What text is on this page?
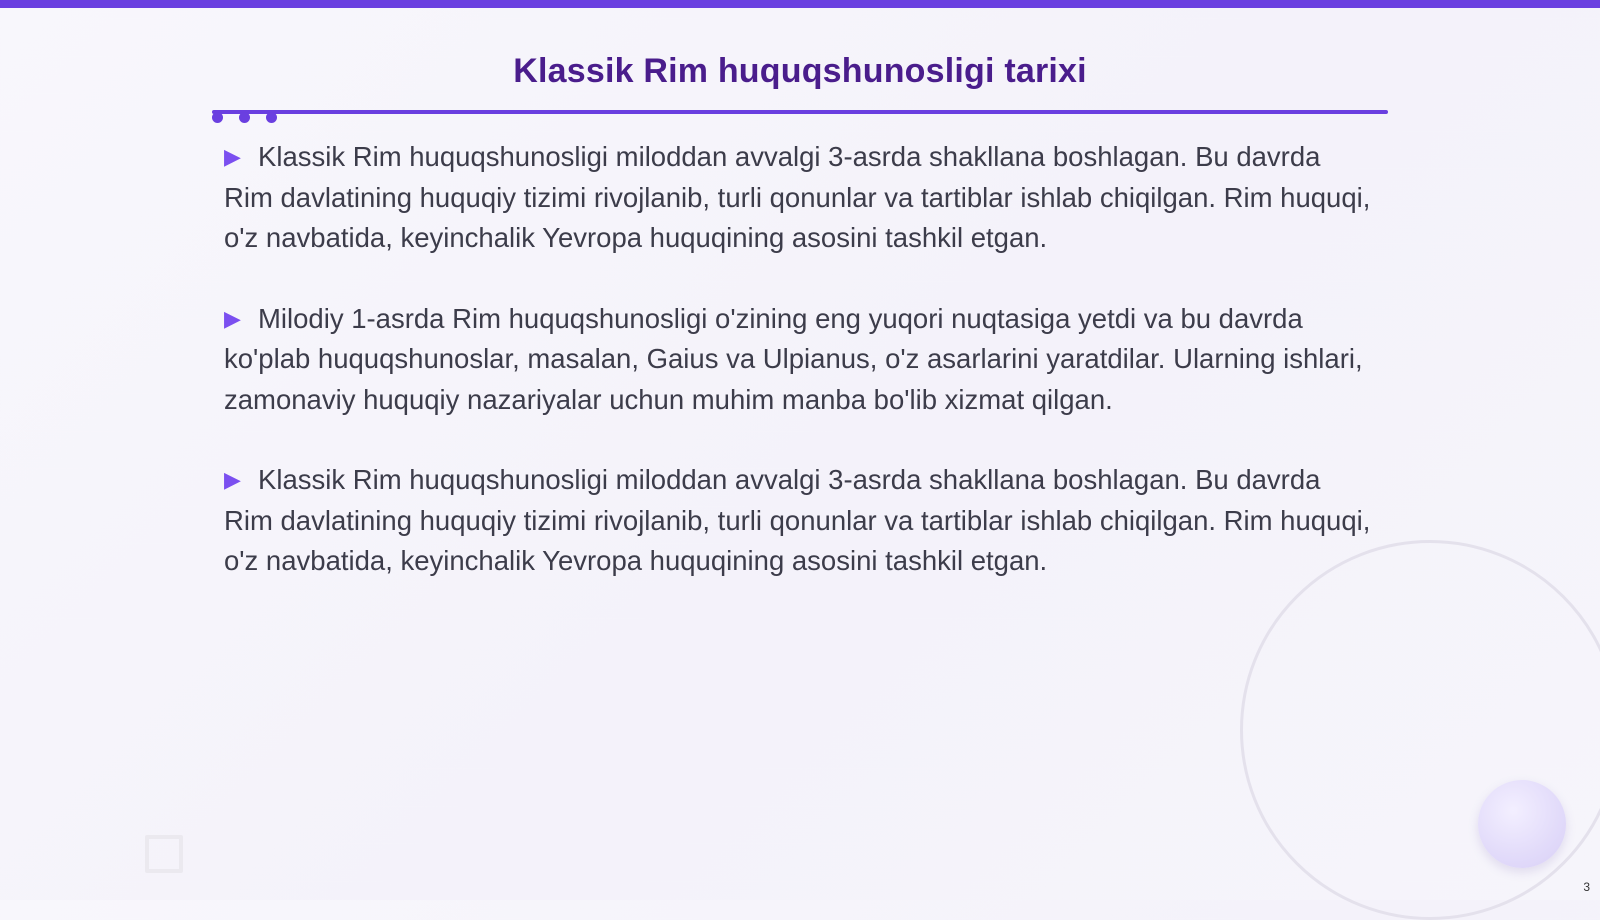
Klassik Rim huquqshunosligi tarixi

▶ Klassik Rim huquqshunosligi miloddan avvalgi 3-asrda shakllana boshlagan. Bu davrda Rim davlatining huquqiy tizimi rivojlanib, turli qonunlar va tartiblar ishlab chiqilgan. Rim huquqi, o'z navbatida, keyinchalik Yevropa huquqining asosini tashkil etgan.

▶ Milodiy 1-asrda Rim huquqshunosligi o'zining eng yuqori nuqtasiga yetdi va bu davrda ko'plab huquqshunoslar, masalan, Gaius va Ulpianus, o'z asarlarini yaratdilar. Ularning ishlari, zamonaviy huquqiy nazariyalar uchun muhim manba bo'lib xizmat qilgan.

▶ Klassik Rim huquqshunosligi miloddan avvalgi 3-asrda shakllana boshlagan. Bu davrda Rim davlatining huquqiy tizimi rivojlanib, turli qonunlar va tartiblar ishlab chiqilgan. Rim huquqi, o'z navbatida, keyinchalik Yevropa huquqining asosini tashkil etgan.

3
